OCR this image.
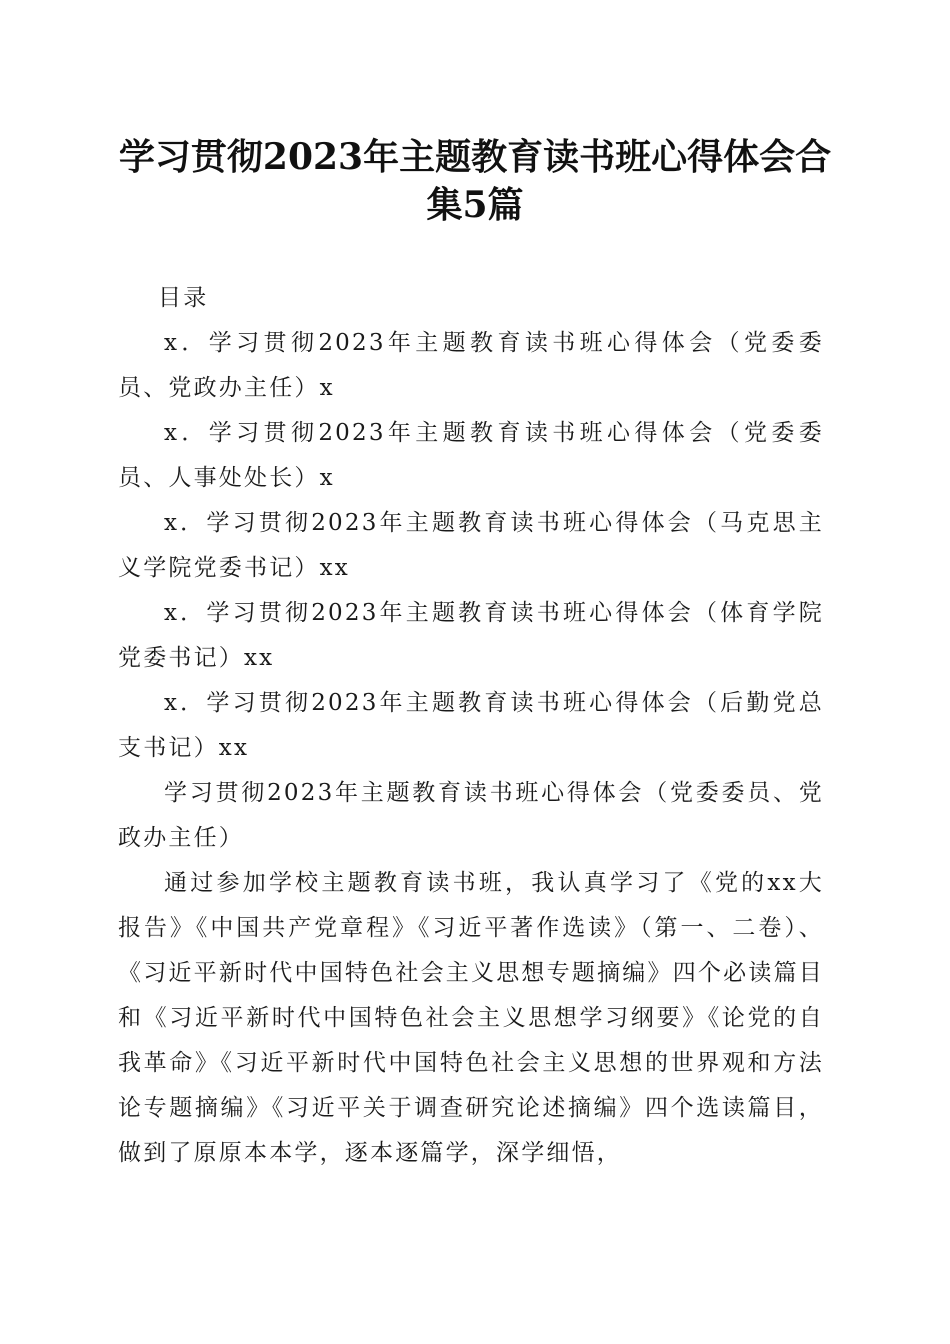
学习贯彻2023年主题教育读书班心得体会合集5篇

目录

x．学习贯彻2023年主题教育读书班心得体会（党委委员、党政办主任）x

x．学习贯彻2023年主题教育读书班心得体会（党委委员、人事处处长）x

x．学习贯彻2023年主题教育读书班心得体会（马克思主义学院党委书记）xx

x．学习贯彻2023年主题教育读书班心得体会（体育学院党委书记）xx

x．学习贯彻2023年主题教育读书班心得体会（后勤党总支书记）xx

学习贯彻2023年主题教育读书班心得体会（党委委员、党政办主任）

通过参加学校主题教育读书班，我认真学习了《党的xx大报告》《中国共产党章程》《习近平著作选读》（第一、二卷）、《习近平新时代中国特色社会主义思想专题摘编》四个必读篇目和《习近平新时代中国特色社会主义思想学习纲要》《论党的自我革命》《习近平新时代中国特色社会主义思想的世界观和方法论专题摘编》《习近平关于调查研究论述摘编》四个选读篇目，做到了原原本本学，逐本逐篇学，深学细悟，
